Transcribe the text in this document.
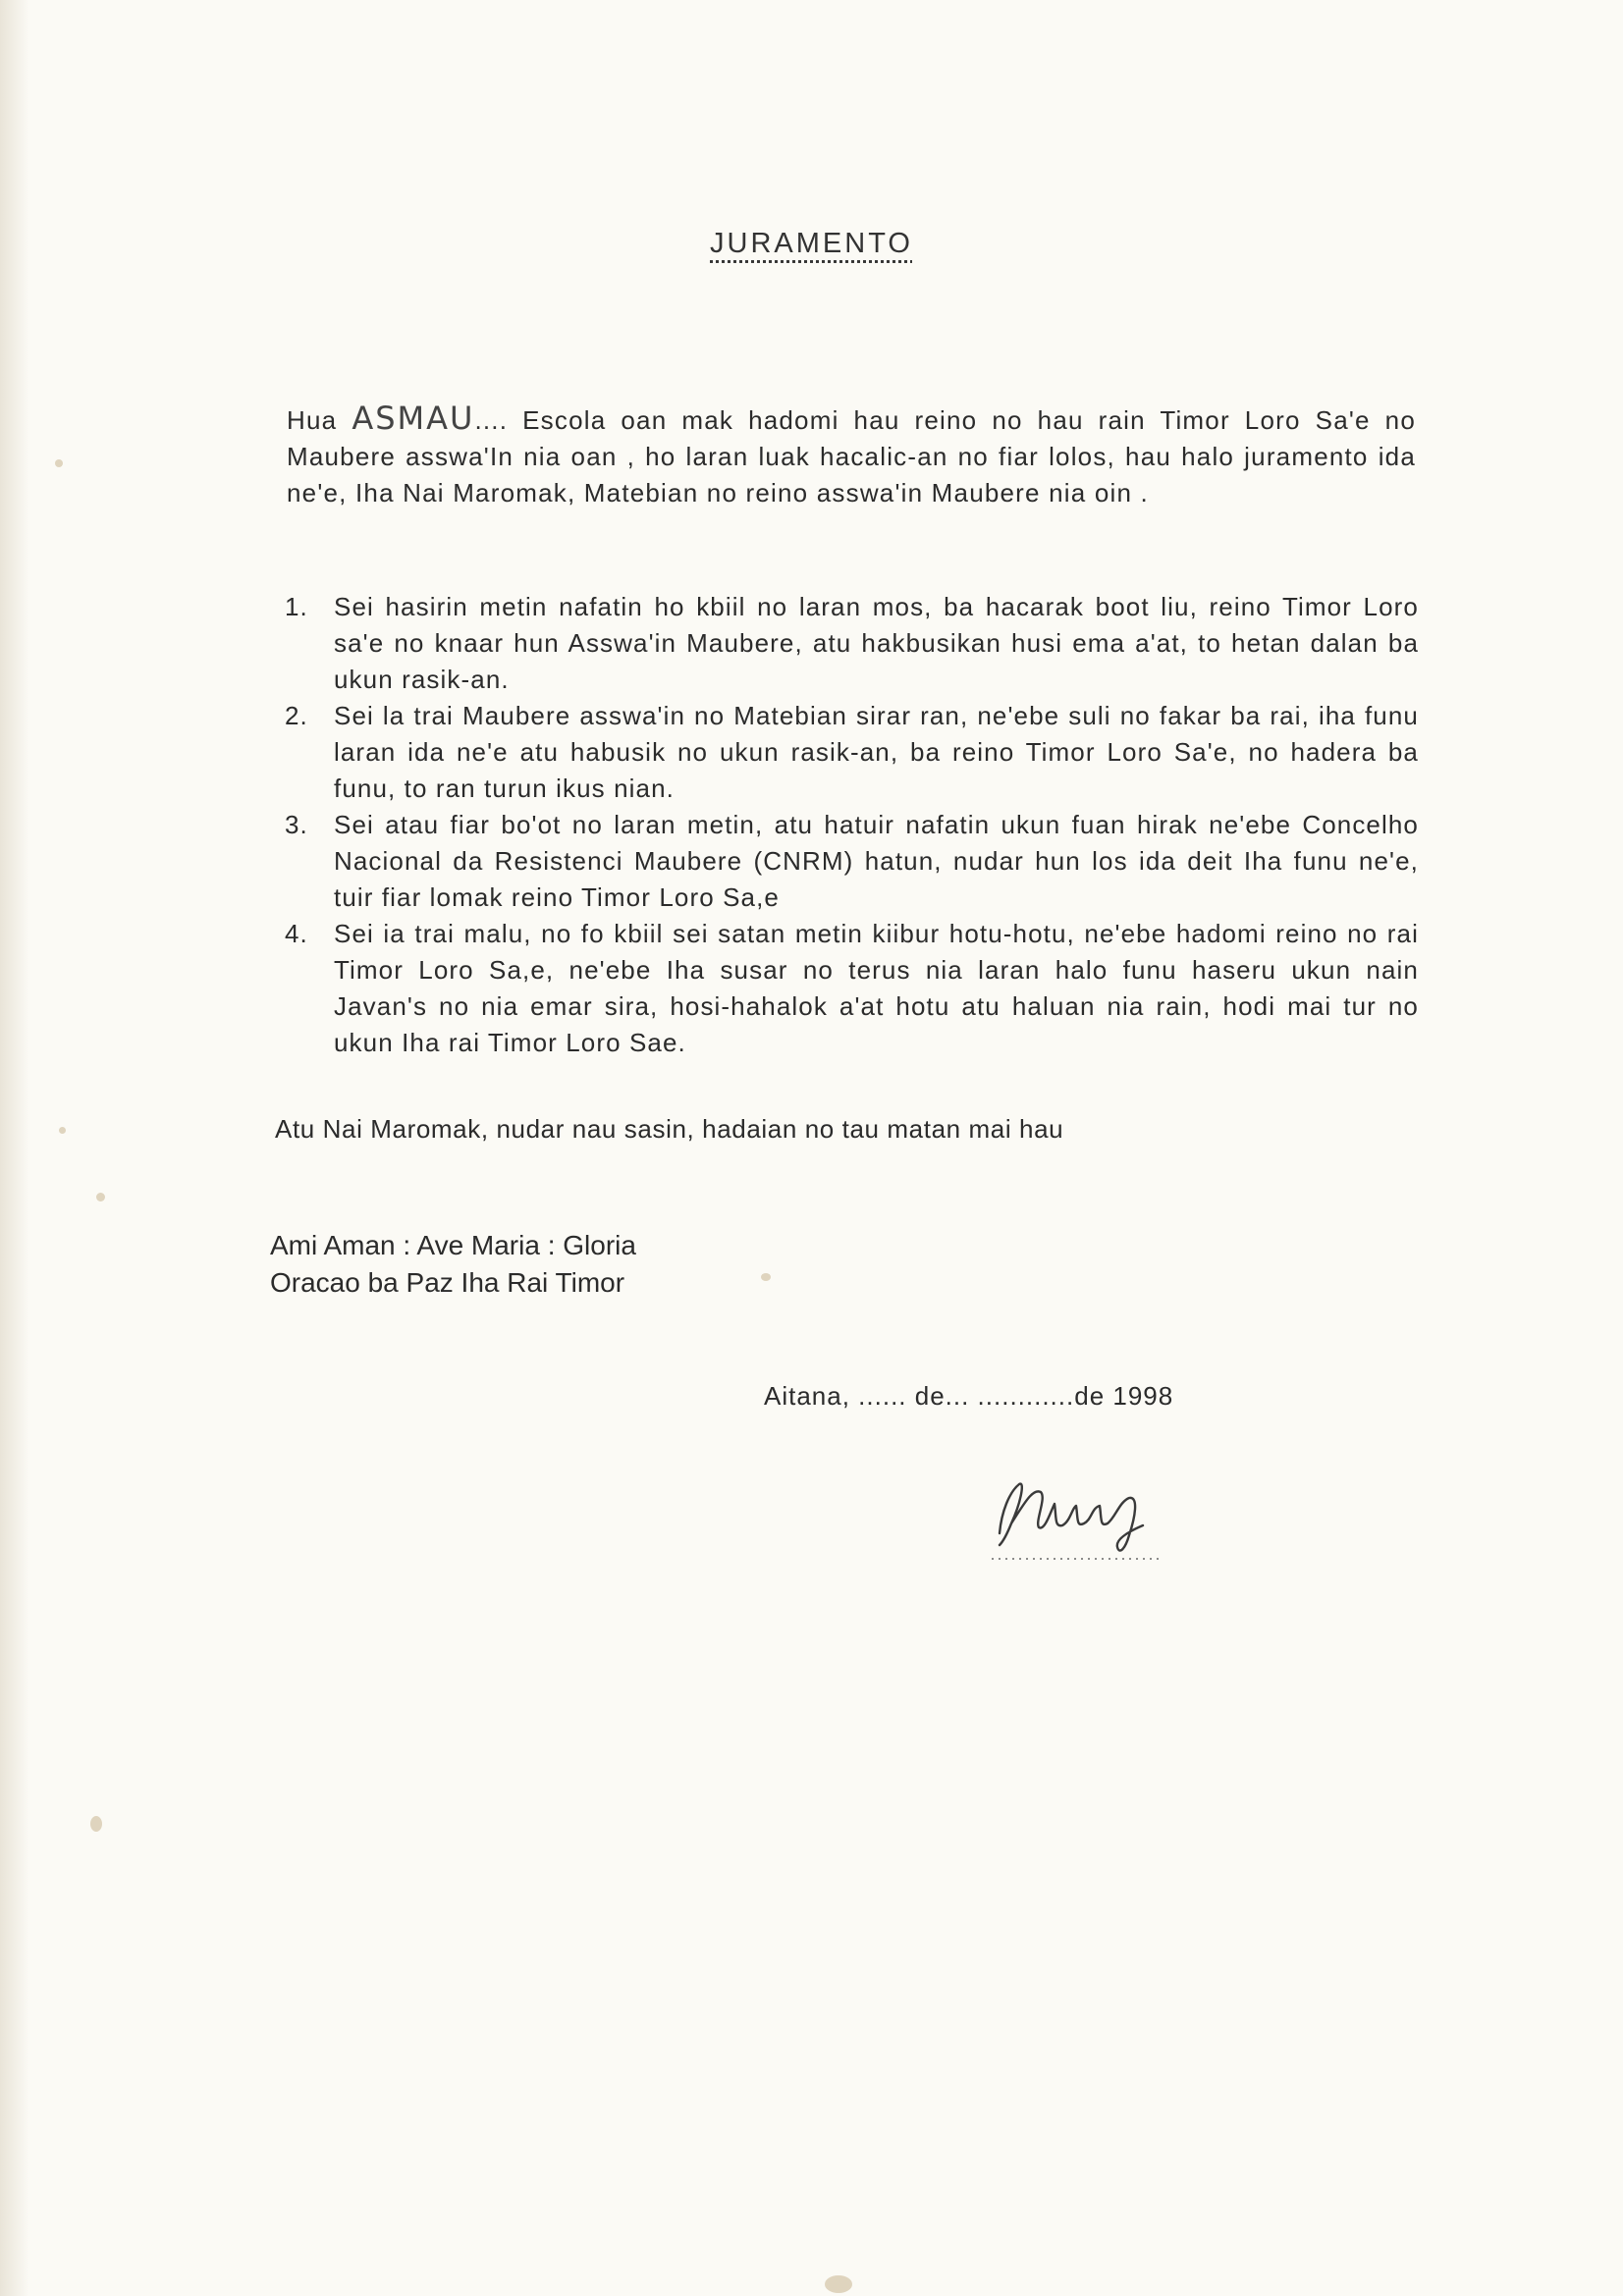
JURAMENTO
Hua ASMAU.... Escola oan mak hadomi hau reino no hau rain Timor Loro Sa'e no Maubere asswa'In nia oan , ho laran luak hacalic-an no fiar lolos, hau halo juramento ida ne'e, Iha Nai Maromak, Matebian no reino asswa'in Maubere nia oin .
1. Sei hasirin metin nafatin ho kbiil no laran mos, ba hacarak boot liu, reino Timor Loro sa'e no knaar hun Asswa'in Maubere, atu hakbusikan husi ema a'at, to hetan dalan ba ukun rasik-an.
2. Sei la trai Maubere asswa'in no Matebian sirar ran, ne'ebe suli no fakar ba rai, iha funu laran ida ne'e atu habusik no ukun rasik-an, ba reino Timor Loro Sa'e, no hadera ba funu, to ran turun ikus nian.
3. Sei atau fiar bo'ot no laran metin, atu hatuir nafatin ukun fuan hirak ne'ebe Concelho Nacional da Resistenci Maubere (CNRM) hatun, nudar hun los ida deit Iha funu ne'e, tuir fiar lomak reino Timor Loro Sa,e
4. Sei ia trai malu, no fo kbiil sei satan metin kiibur hotu-hotu, ne'ebe hadomi reino no rai Timor Loro Sa,e, ne'ebe Iha susar no terus nia laran halo funu haseru ukun nain Javan's no nia emar sira, hosi-hahalok a'at hotu atu haluan nia rain, hodi mai tur no ukun Iha rai Timor Loro Sae.
Atu Nai Maromak, nudar nau sasin, hadaian no tau matan mai hau
Ami Aman : Ave Maria : Gloria
Oracao ba Paz Iha Rai Timor
Aitana, ...... de... ............de 1998
